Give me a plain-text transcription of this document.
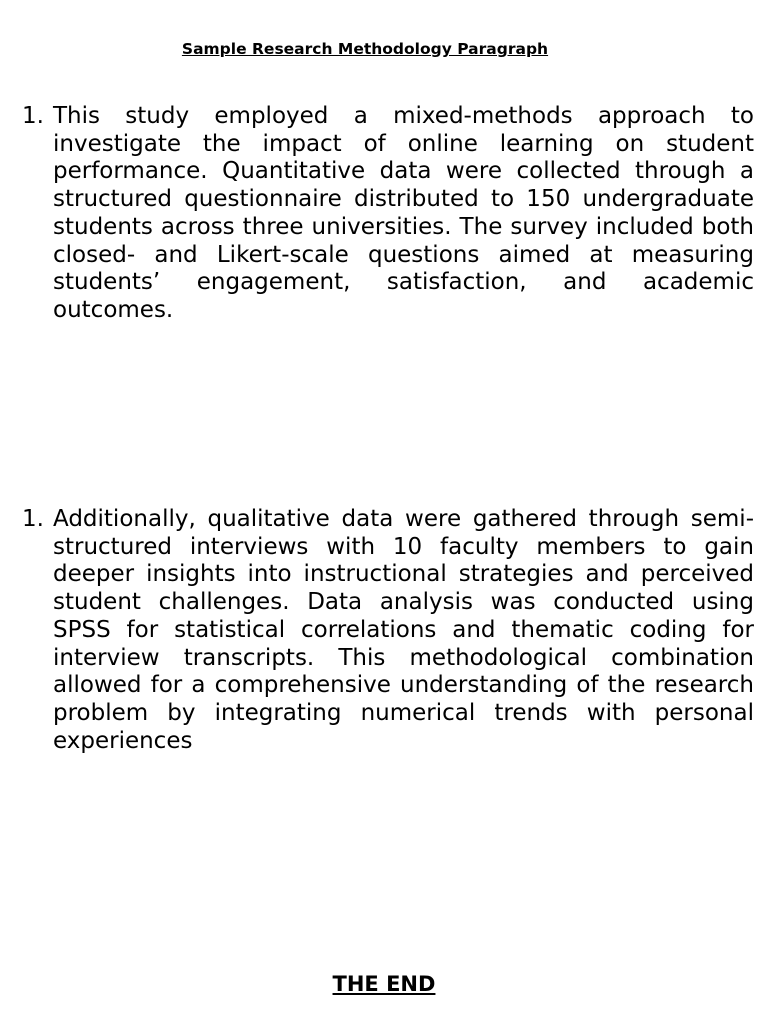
Sample Research Methodology Paragraph
1. This study employed a mixed-methods approach to investigate the impact of online learning on student performance. Quantitative data were collected through a structured questionnaire distributed to 150 undergraduate students across three universities. The survey included both closed- and Likert-scale questions aimed at measuring students’ engagement, satisfaction, and academic outcomes.

1. Additionally, qualitative data were gathered through semi-structured interviews with 10 faculty members to gain deeper insights into instructional strategies and perceived student challenges. Data analysis was conducted using SPSS for statistical correlations and thematic coding for interview transcripts. This methodological combination allowed for a comprehensive understanding of the research problem by integrating numerical trends with personal experiences

THE END
